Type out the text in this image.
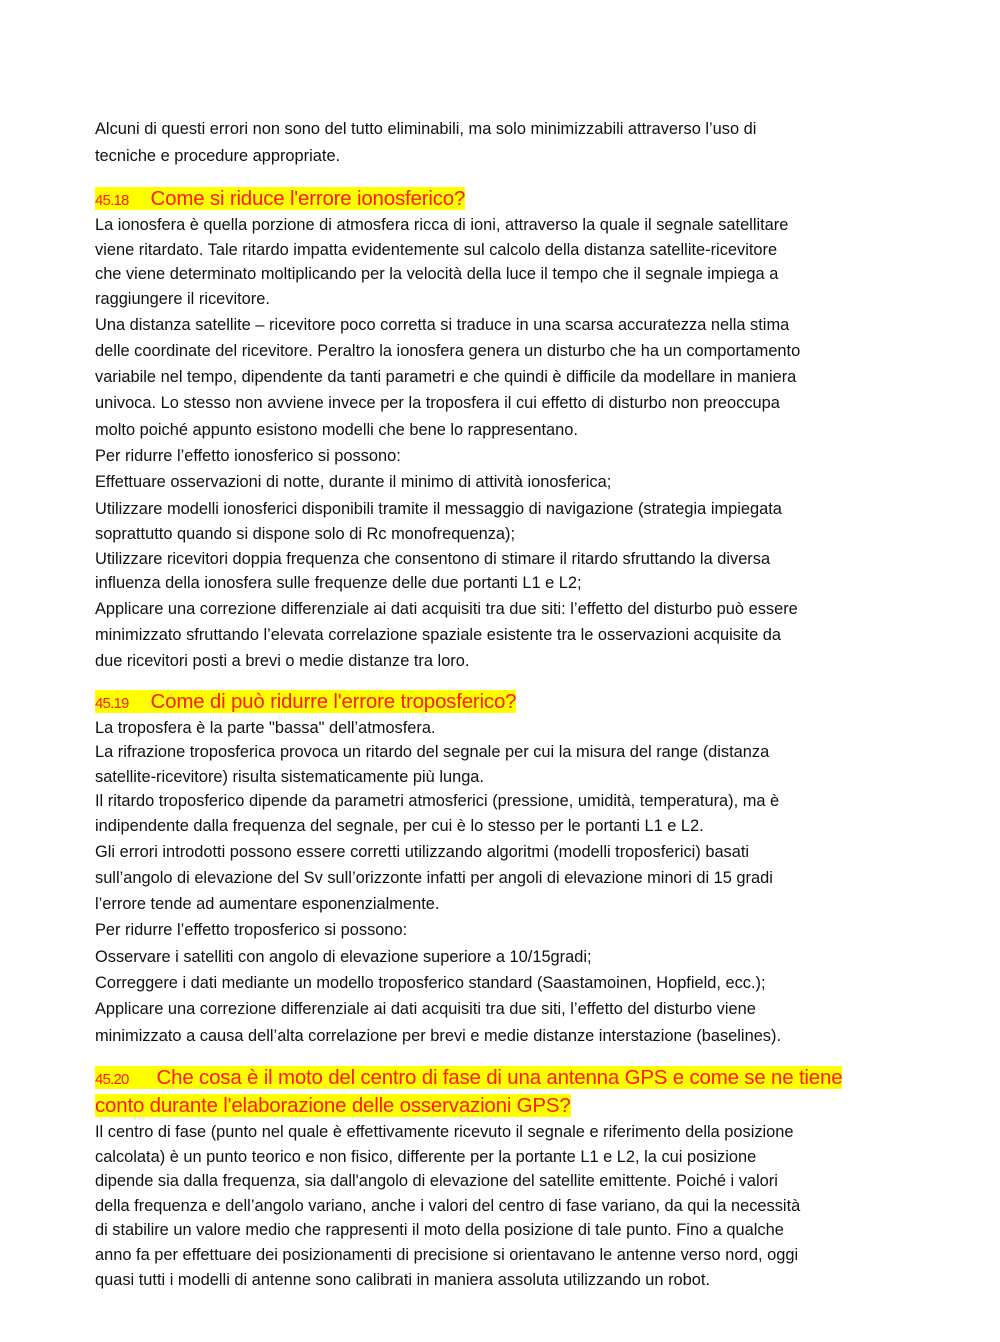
Alcuni di questi errori non sono del tutto eliminabili, ma solo minimizzabili attraverso l’uso di
tecniche e procedure appropriate.
45.18 Come si riduce l'errore ionosferico?
La ionosfera è quella porzione di atmosfera ricca di ioni, attraverso la quale il segnale satellitare
viene ritardato. Tale ritardo impatta evidentemente sul calcolo della distanza satellite-ricevitore
che viene determinato moltiplicando per la velocità della luce il tempo che il segnale impiega a
raggiungere il ricevitore.
Una distanza satellite – ricevitore poco corretta si traduce in una scarsa accuratezza nella stima
delle coordinate del ricevitore. Peraltro la ionosfera genera un disturbo che ha un comportamento
variabile nel tempo, dipendente da tanti parametri e che quindi è difficile da modellare in maniera
univoca. Lo stesso non avviene invece per la troposfera il cui effetto di disturbo non preoccupa
molto poiché appunto esistono modelli che bene lo rappresentano.
Per ridurre l’effetto ionosferico si possono:
Effettuare osservazioni di notte, durante il minimo di attività ionosferica;
Utilizzare modelli ionosferici disponibili tramite il messaggio di navigazione (strategia impiegata
soprattutto quando si dispone solo di Rc monofrequenza);
Utilizzare ricevitori doppia frequenza che consentono di stimare il ritardo sfruttando la diversa
influenza della ionosfera sulle frequenze delle due portanti L1 e L2;
Applicare una correzione differenziale ai dati acquisiti tra due siti: l’effetto del disturbo può essere
minimizzato sfruttando l’elevata correlazione spaziale esistente tra le osservazioni acquisite da
due ricevitori posti a brevi o medie distanze tra loro.
45.19 Come di può ridurre l'errore troposferico?
La troposfera è la parte "bassa" dell’atmosfera.
La rifrazione troposferica provoca un ritardo del segnale per cui la misura del range (distanza
satellite-ricevitore) risulta sistematicamente più lunga.
Il ritardo troposferico dipende da parametri atmosferici (pressione, umidità, temperatura), ma è
indipendente dalla frequenza del segnale, per cui è lo stesso per le portanti L1 e L2.
Gli errori introdotti possono essere corretti utilizzando algoritmi (modelli troposferici) basati
sull’angolo di elevazione del Sv sull’orizzonte infatti per angoli di elevazione minori di 15 gradi
l’errore tende ad aumentare esponenzialmente.
Per ridurre l’effetto troposferico si possono:
Osservare i satelliti con angolo di elevazione superiore a 10/15gradi;
Correggere i dati mediante un modello troposferico standard (Saastamoinen, Hopfield, ecc.);
Applicare una correzione differenziale ai dati acquisiti tra due siti, l’effetto del disturbo viene
minimizzato a causa dell’alta correlazione per brevi e medie distanze interstazione (baselines).
45.20 Che cosa è il moto del centro di fase di una antenna GPS e come se ne tiene
conto durante l'elaborazione delle osservazioni GPS?
Il centro di fase (punto nel quale è effettivamente ricevuto il segnale e riferimento della posizione
calcolata) è un punto teorico e non fisico, differente per la portante L1 e L2, la cui posizione
dipende sia dalla frequenza, sia dall'angolo di elevazione del satellite emittente. Poiché i valori
della frequenza e dell’angolo variano, anche i valori del centro di fase variano, da qui la necessità
di stabilire un valore medio che rappresenti il moto della posizione di tale punto. Fino a qualche
anno fa per effettuare dei posizionamenti di precisione si orientavano le antenne verso nord, oggi
quasi tutti i modelli di antenne sono calibrati in maniera assoluta utilizzando un robot.
